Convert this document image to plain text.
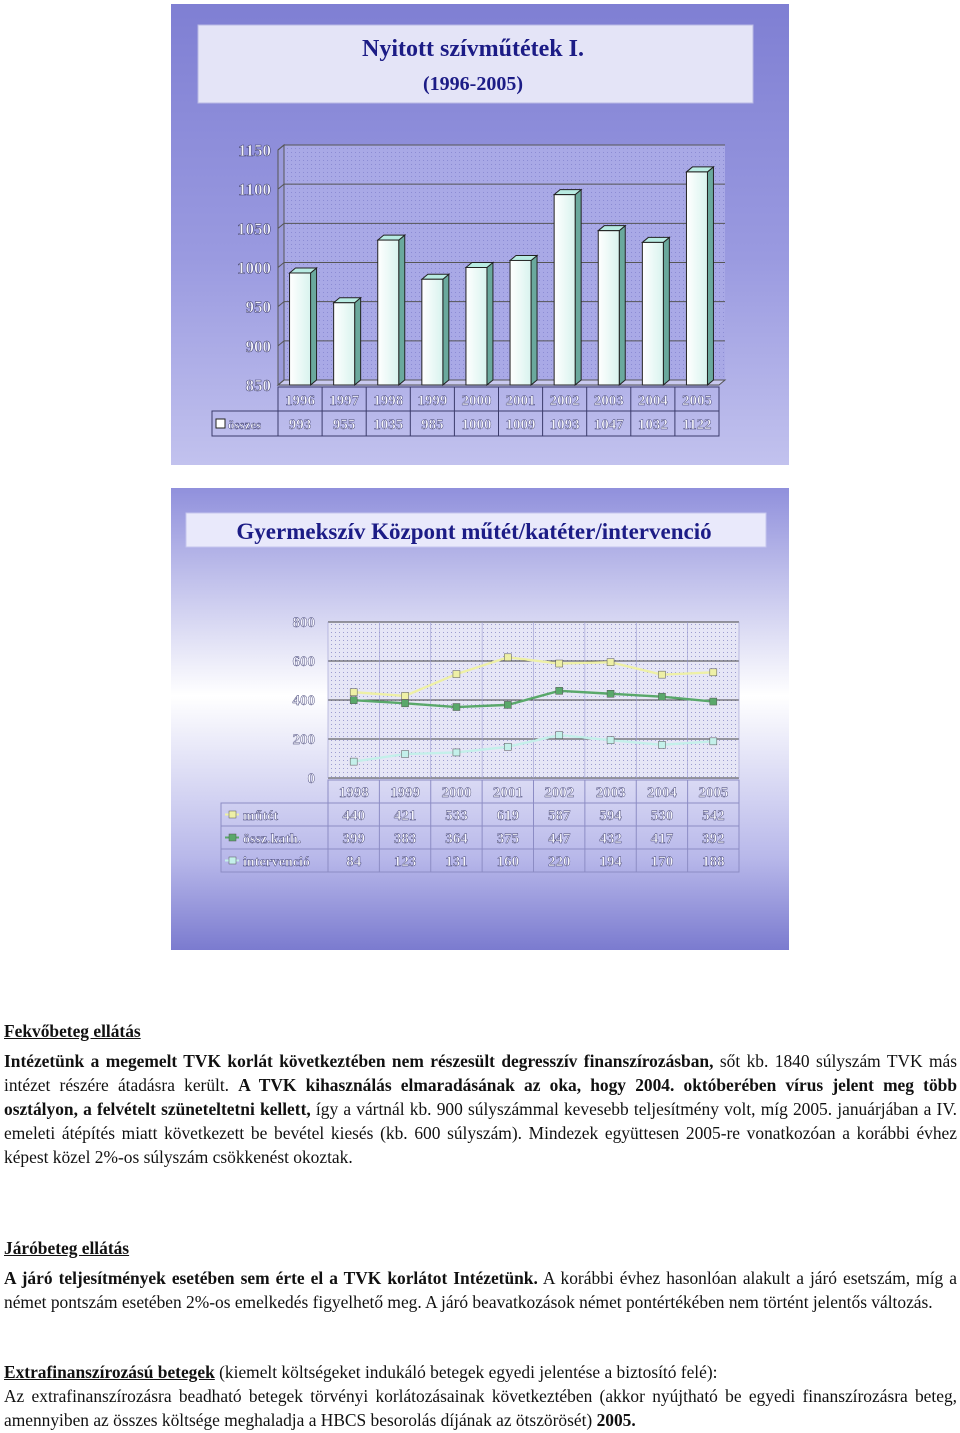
Nyitott szívműtétek I.
(1996-2005)
1150
1100
1050
1000
950
900
850
1996 1997 1998 1999 2000 2001 2002 2003 2004 2005
993 955 1035 985 1000 1009 1093 1047 1032 1122
összes
Gyermekszív Központ műtét/katéter/intervenció
800
600
400
200
0
1998 1999 2000 2001 2002 2003 2004 2005
műtét	440 421 533 619 587 594 530 542
össz.kath.	399 383 364 375 447 432 417 392
intervenció 84 123 131 160 220 194 170 188

Fekvőbeteg ellátás

Intézetünk a megemelt TVK korlát következtében nem részesült degresszív finanszírozásban, sőt kb. 1840 súlyszám TVK más intézet részére átadásra került. A TVK kihasználás elmaradásának az oka, hogy 2004. októberében vírus jelent meg több osztályon, a felvételt szüneteltetni kellett, így a vártnál kb. 900 súlyszámmal kevesebb teljesítmény volt, míg 2005. januárjában a IV. emeleti átépítés miatt következett be bevétel kiesés (kb. 600 súlyszám). Mindezek együttesen 2005-re vonatkozóan a korábbi évhez képest közel 2%-os súlyszám csökkenést okoztak.

Járóbeteg ellátás

A járó teljesítmények esetében sem érte el a TVK korlátot Intézetünk. A korábbi évhez hasonlóan alakult a járó esetszám, míg a német pontszám esetében 2%-os emelkedés figyelhető meg. A járó beavatkozások német pontértékében nem történt jelentős változás.

Extrafinanszírozású betegek (kiemelt költségeket indukáló betegek egyedi jelentése a biztosító felé):

Az extrafinanszírozásra beadható betegek törvényi korlátozásainak következtében (akkor nyújtható be egyedi finanszírozásra beteg, amennyiben az összes költsége meghaladja a HBCS besorolás díjának az ötszörösét) 2005.
